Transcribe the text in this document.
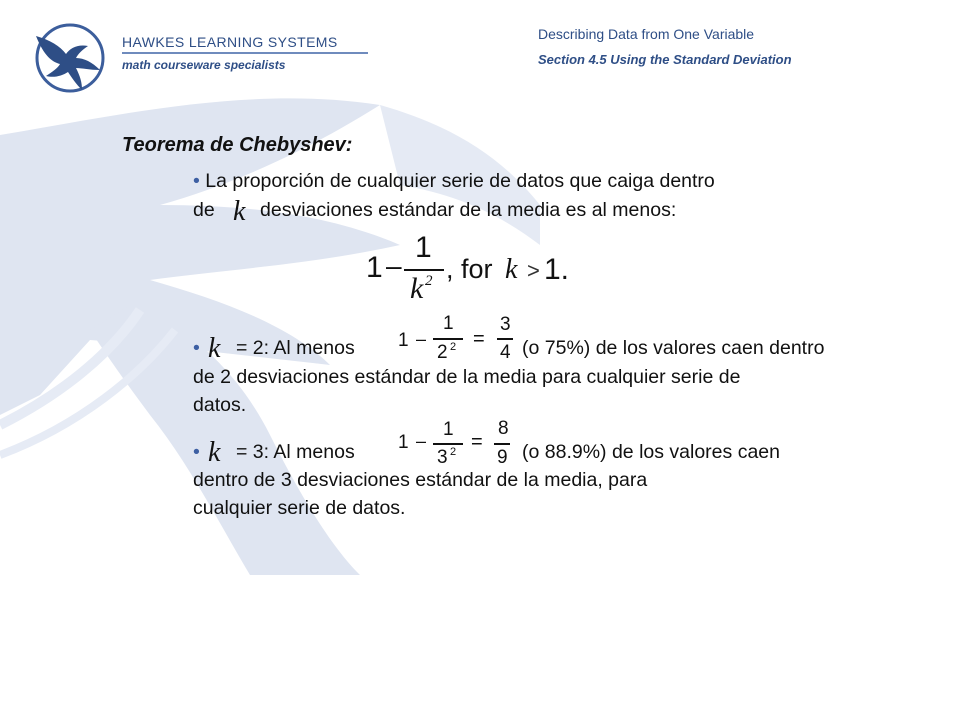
HAWKES LEARNING SYSTEMS
math courseware specialists
Describing Data from One Variable
Section 4.5 Using the Standard Deviation
Teorema de Chebyshev:
• La proporción de cualquier serie de datos que caiga dentro
de k desviaciones estándar de la media es al menos:
1 –
1
k 2 , for k > 1.
• k = 2: Al menos 1 –
1
2 2 =
3
4 (o 75%) de los valores caen dentro
de 2 desviaciones estándar de la media para cualquier serie de
datos.
• k = 3: Al menos 1 –
1
3 2 =
8
9 (o 88.9%) de los valores caen
dentro de 3 desviaciones estándar de la media, para
cualquier serie de datos.
